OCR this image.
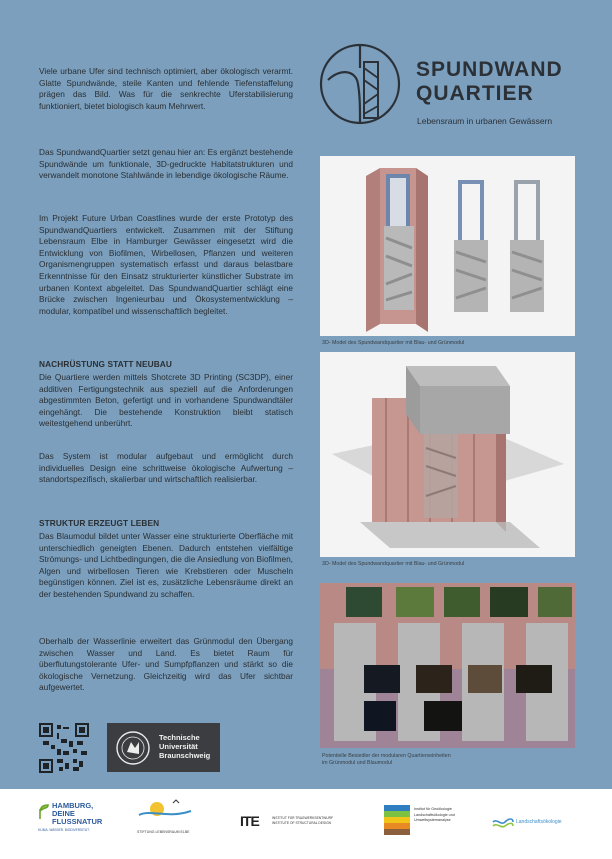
Viele urbane Ufer sind technisch optimiert, aber ökologisch verarmt. Glatte Spundwände, steile Kanten und fehlende Tiefenstaffelung prägen das Bild. Was für die senkrechte Uferstabilisierung funktioniert, bietet biologisch kaum Mehrwert.

Das SpundwandQuartier setzt genau hier an: Es ergänzt bestehende Spundwände um funktionale, 3D-gedruckte Habitatstrukturen und verwandelt monotone Stahlwände in lebendige ökologische Räume.

Im Projekt Future Urban Coastlines wurde der erste Prototyp des SpundwandQuartiers entwickelt. Zusammen mit der Stiftung Lebensraum Elbe in Hamburger Gewässer eingesetzt wird die Entwicklung von Biofilmen, Wirbellosen, Pflanzen und weiteren Organismengruppen systematisch erfasst und daraus belastbare Erkenntnisse für den Einsatz strukturierter künstlicher Substrate im urbanen Kontext abgeleitet. Das SpundwandQuartier schlägt eine Brücke zwischen Ingenieurbau und Ökosystementwicklung – modular, kompatibel und wissenschaftlich begleitet.

NACHRÜSTUNG STATT NEUBAU

Die Quartiere werden mittels Shotcrete 3D Printing (SC3DP), einer additiven Fertigungstechnik aus speziell auf die Anforderungen abgestimmten Beton, gefertigt und in vorhandene Spundwandtäler eingehängt. Die bestehende Konstruktion bleibt statisch weitestgehend unberührt.

Das System ist modular aufgebaut und ermöglicht durch individuelles Design eine schrittweise ökologische Aufwertung – standortspezifisch, skalierbar und wirtschaftlich realisierbar.

STRUKTUR ERZEUGT LEBEN

Das Blaumodul bildet unter Wasser eine strukturierte Oberfläche mit unterschiedlich geneigten Ebenen. Dadurch entstehen vielfältige Strömungs- und Lichtbedingungen, die die Ansiedlung von Biofilmen, Algen und wirbellosen Tieren wie Krebstieren oder Muscheln begünstigen können. Ziel ist es, zusätzliche Lebensräume direkt an der bestehenden Spundwand zu schaffen.

Oberhalb der Wasserlinie erweitert das Grünmodul den Übergang zwischen Wasser und Land. Es bietet Raum für überflutungstolerante Ufer- und Sumpfpflanzen und stärkt so die ökologische Vernetzung. Gleichzeitig wird das Ufer sichtbar aufgewertet.

SPUNDWAND
QUARTIER

Lebensraum in urbanen Gewässern

3D- Model des Spundwandquartier mit Blau- und Grünmodul

3D- Model des Spundwandquartier mit Blau- und Grünmodul

Potentielle Besiedler der modularen Quartierseinheiten
im Grünmodul und Blaumodul

Technische
Universität
Braunschweig

HAMBURG,
DEINE
FLUSSNATUR

KLIMA. WASSER. BIODIVERSITÄT.	STIFTUNG LEBENSRAUM ELBE

ITE	INSTITUT FÜR TRAGWERKSENTWURF
INSTITUTE OF STRUCTURAL DESIGN

Institut für Geoökologie
Landschaftsökologie und
Umweltsystemanalyse	Landschaftsökologie
